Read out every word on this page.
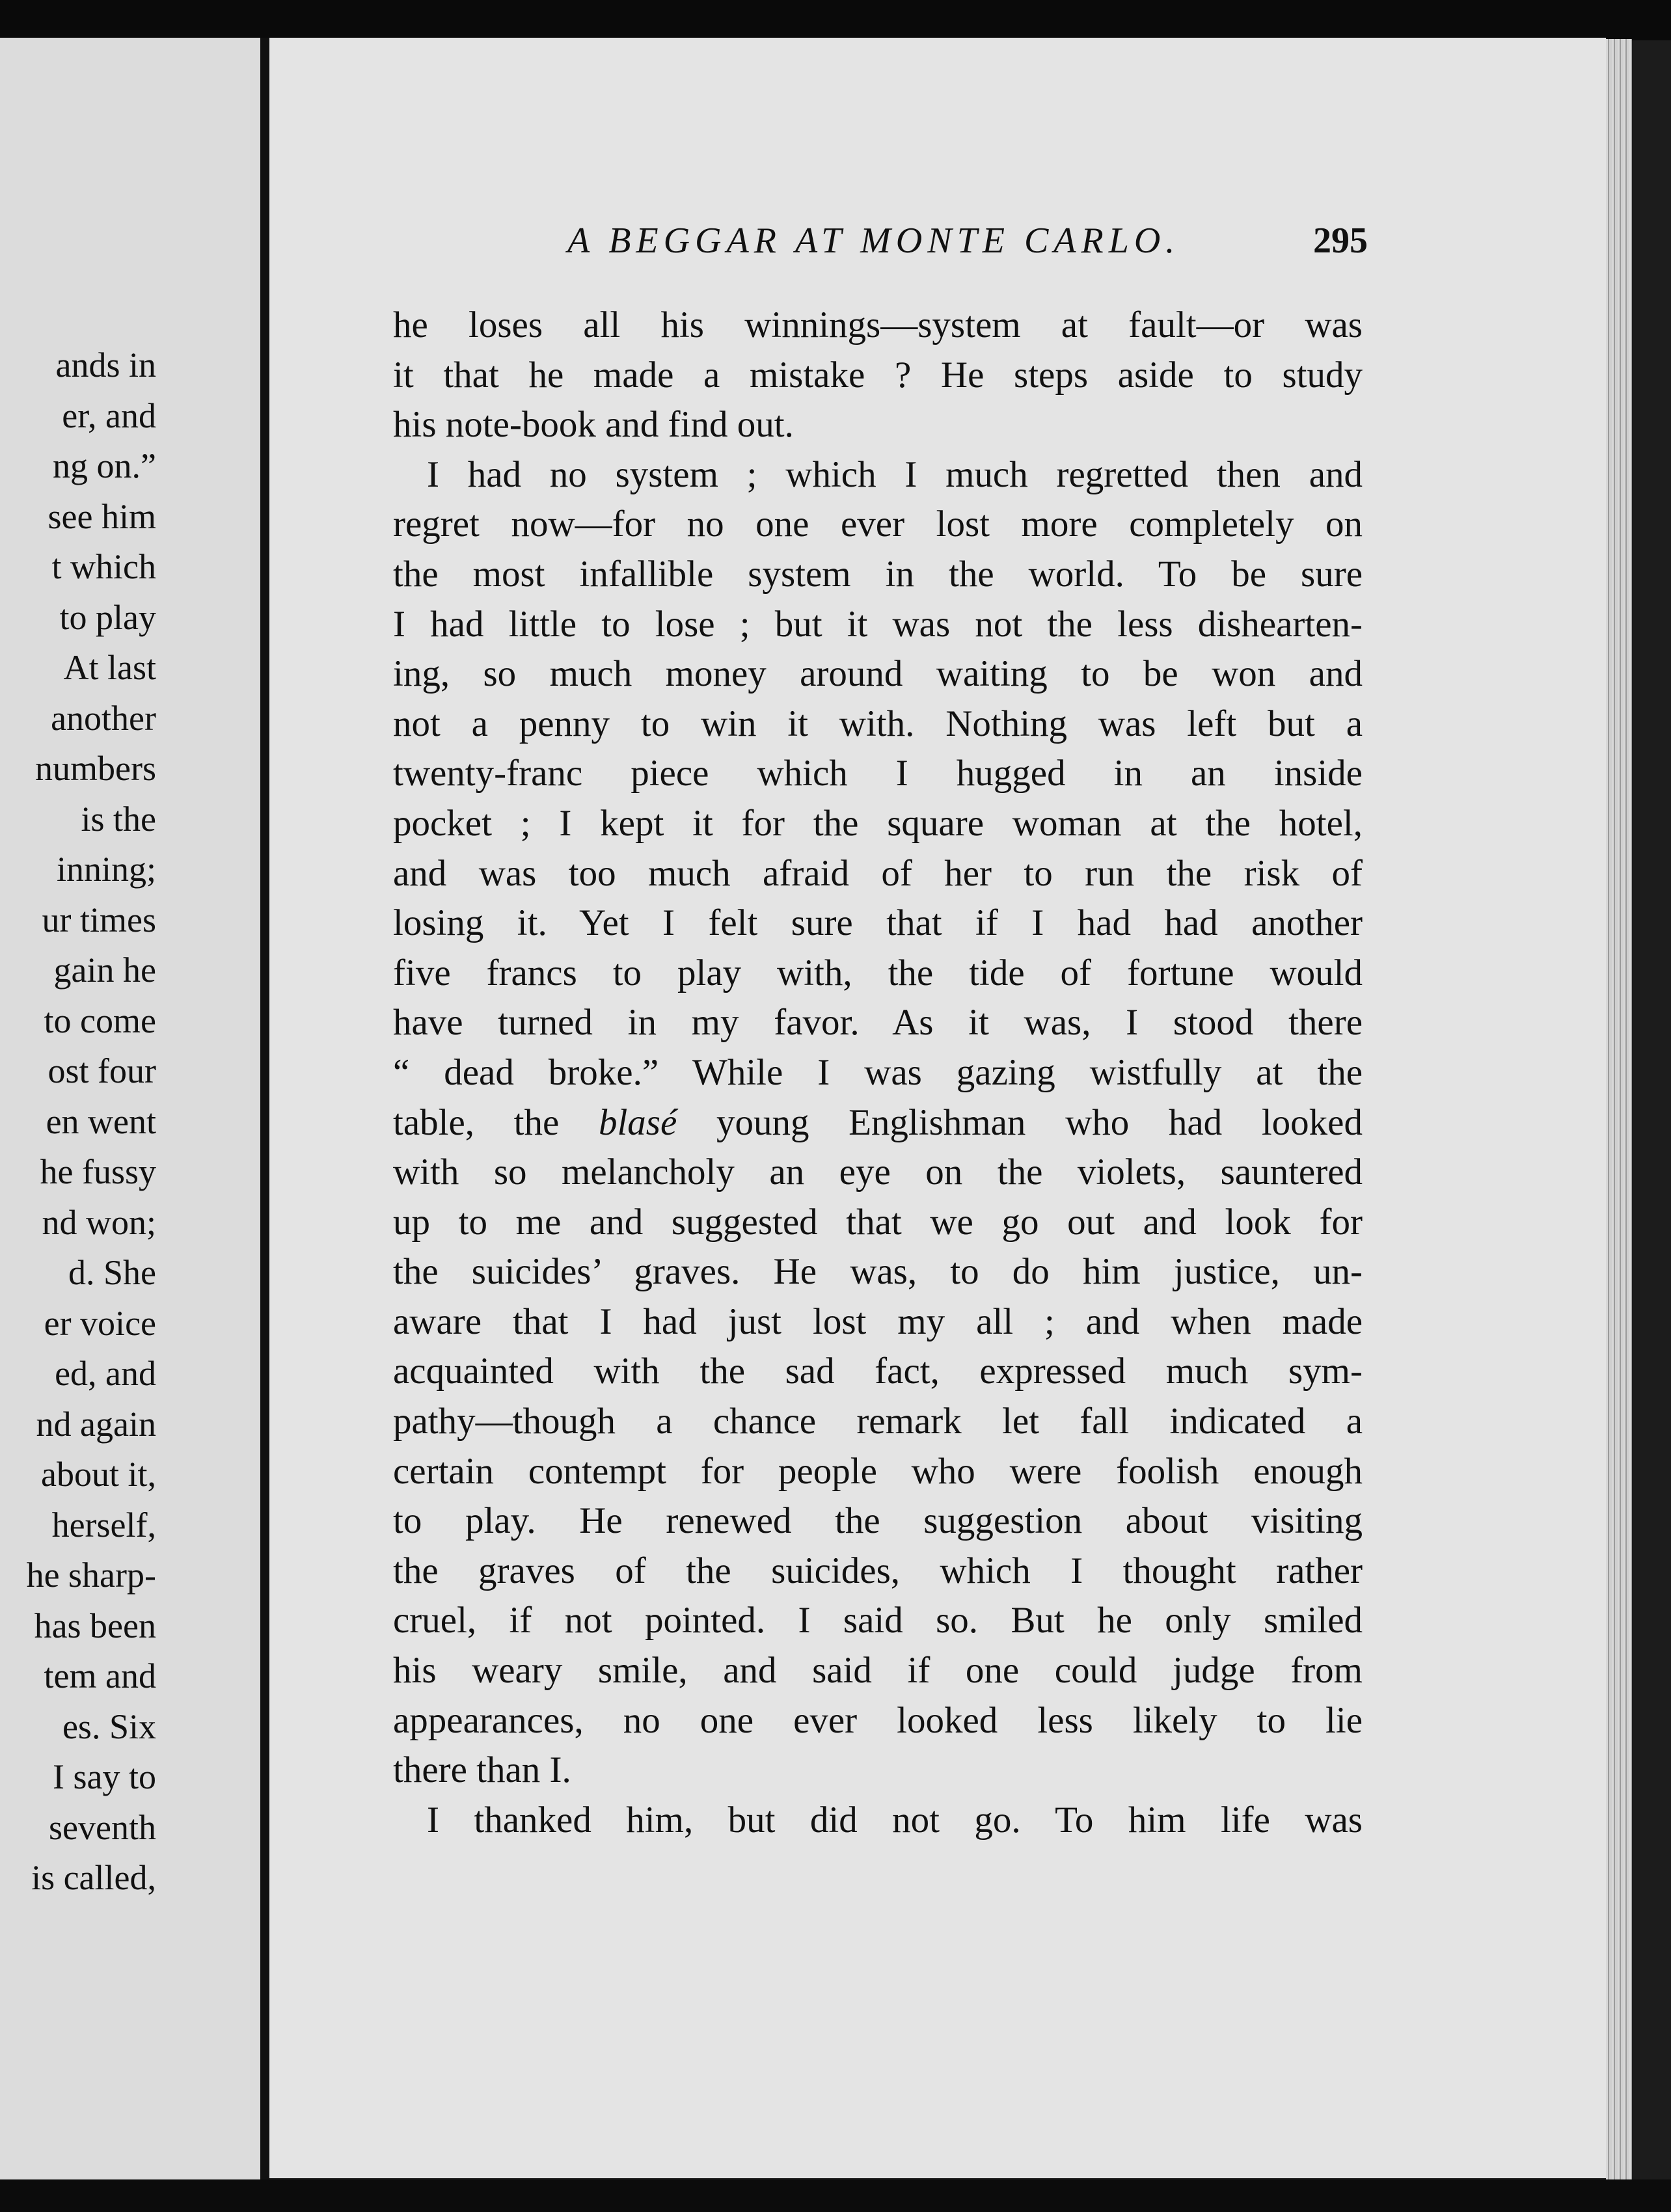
ands in
er, and
ng on.”
see him
t which
to play
At last
another
numbers
is the
inning;
ur times
gain he
to come
ost four
en went
he fussy
nd won;
d. She
er voice
ed, and
nd again
about it,
herself,
he sharp-
has been
tem and
es. Six
I say to
seventh
is called,
A BEGGAR AT MONTE CARLO.	295
he loses all his winnings—system at fault—or was
it that he made a mistake ? He steps aside to study
his note-book and find out.
I had no system ; which I much regretted then and
regret now—for no one ever lost more completely on
the most infallible system in the world. To be sure
I had little to lose ; but it was not the less dishearten-
ing, so much money around waiting to be won and
not a penny to win it with. Nothing was left but a
twenty-franc piece which I hugged in an inside
pocket ; I kept it for the square woman at the hotel,
and was too much afraid of her to run the risk of
losing it. Yet I felt sure that if I had had another
five francs to play with, the tide of fortune would
have turned in my favor. As it was, I stood there
“ dead broke.” While I was gazing wistfully at the
table, the blasé young Englishman who had looked
with so melancholy an eye on the violets, sauntered
up to me and suggested that we go out and look for
the suicides’ graves. He was, to do him justice, un-
aware that I had just lost my all ; and when made
acquainted with the sad fact, expressed much sym-
pathy—though a chance remark let fall indicated a
certain contempt for people who were foolish enough
to play. He renewed the suggestion about visiting
the graves of the suicides, which I thought rather
cruel, if not pointed. I said so. But he only smiled
his weary smile, and said if one could judge from
appearances, no one ever looked less likely to lie
there than I.
I thanked him, but did not go. To him life was
